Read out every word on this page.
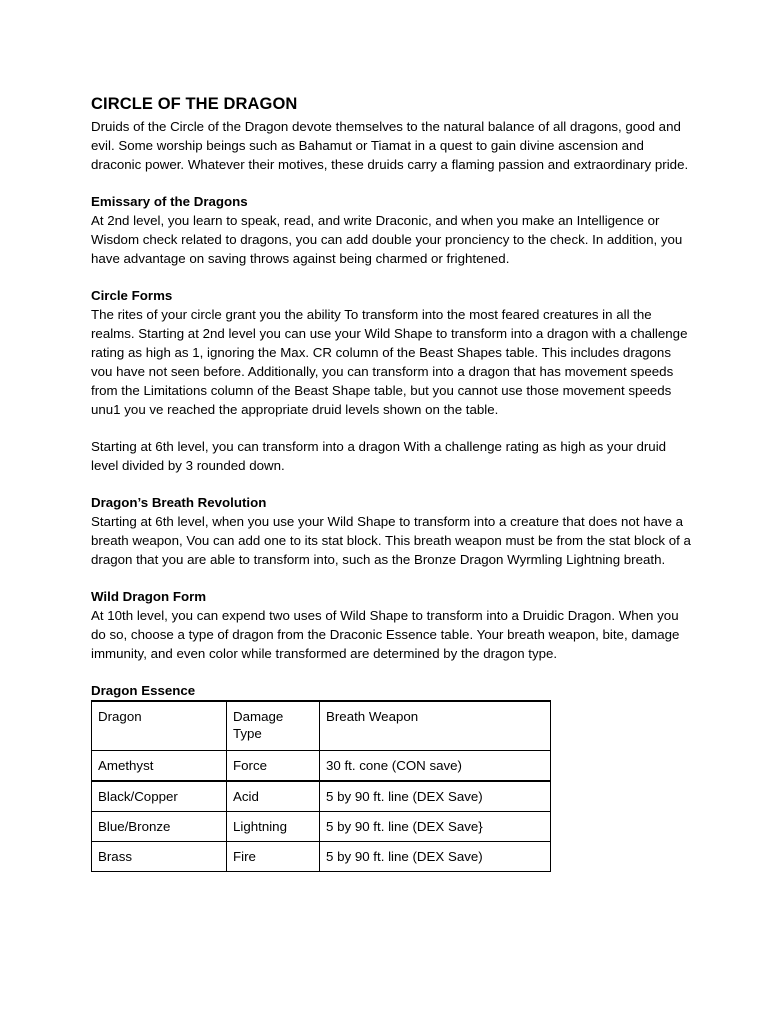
CIRCLE OF THE DRAGON

Druids of the Circle of the Dragon devote themselves to the natural balance of all dragons, good and evil. Some worship beings such as Bahamut or Tiamat in a quest to gain divine ascension and draconic power. Whatever their motives, these druids carry a flaming passion and extraordinary pride.

Emissary of the Dragons

At 2nd level, you learn to speak, read, and write Draconic, and when you make an Intelligence or Wisdom check related to dragons, you can add double your pronciency to the check. In addition, you have advantage on saving throws against being charmed or frightened.

Circle Forms

The rites of your circle grant you the ability To transform into the most feared creatures in all the realms. Starting at 2nd level you can use your Wild Shape to transform into a dragon with a challenge rating as high as 1, ignoring the Max. CR column of the Beast Shapes table. This includes dragons vou have not seen before. Additionally, you can transform into a dragon that has movement speeds from the Limitations column of the Beast Shape table, but you cannot use those movement speeds unu1 you ve reached the appropriate druid levels shown on the table.

Starting at 6th level, you can transform into a dragon With a challenge rating as high as your druid level divided by 3 rounded down.

Dragon’s Breath Revolution

Starting at 6th level, when you use your Wild Shape to transform into a creature that does not have a breath weapon, Vou can add one to its stat block. This breath weapon must be from the stat block of a dragon that you are able to transform into, such as the Bronze Dragon Wyrmling Lightning breath.

Wild Dragon Form

At 10th level, you can expend two uses of Wild Shape to transform into a Druidic Dragon. When you do so, choose a type of dragon from the Draconic Essence table. Your breath weapon, bite, damage immunity, and even color while transformed are determined by the dragon type.

Dragon Essence
Dragon	Damage Type	Breath Weapon
Amethyst	Force	30 ft. cone (CON save)
Black/Copper	Acid	5 by 90 ft. line (DEX Save)
Blue/Bronze	Lightning	5 by 90 ft. line (DEX Save}
Brass	Fire	5 by 90 ft. line (DEX Save)
